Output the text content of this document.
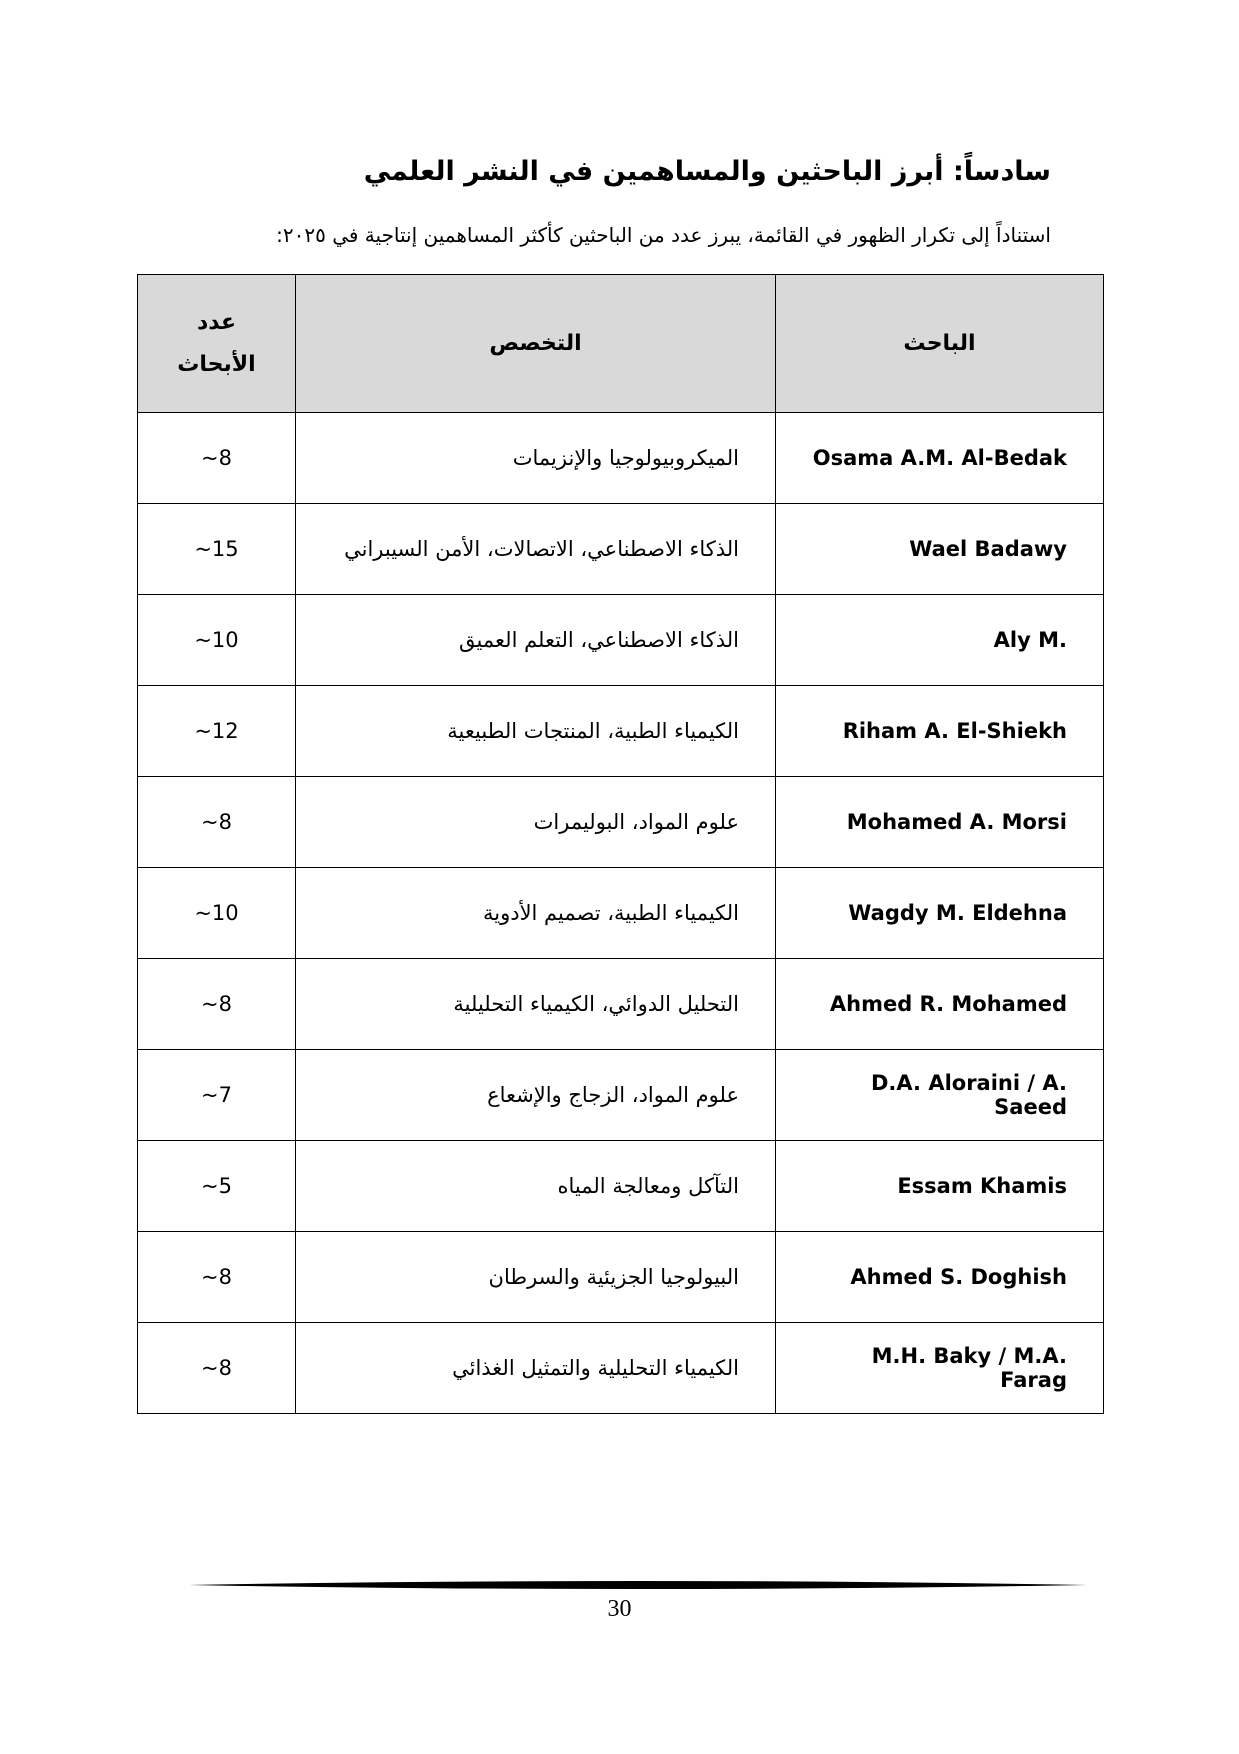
سادساً: أبرز الباحثين والمساهمين في النشر العلمي
استناداً إلى تكرار الظهور في القائمة، يبرز عدد من الباحثين كأكثر المساهمين إنتاجية في ٢٠٢٥:
الباحث	التخصص	عدد
الأبحاث
Osama A.M. Al-Bedak	الميكروبيولوجيا والإنزيمات	~8
Wael Badawy	الذكاء الاصطناعي، الاتصالات، الأمن السيبراني	~15
Aly M.	الذكاء الاصطناعي، التعلم العميق	~10
Riham A. El-Shiekh	الكيمياء الطبية، المنتجات الطبيعية	~12
Mohamed A. Morsi	علوم المواد، البوليمرات	~8
Wagdy M. Eldehna	الكيمياء الطبية، تصميم الأدوية	~10
Ahmed R. Mohamed	التحليل الدوائي، الكيمياء التحليلية	~8
D.A. Aloraini / A. Saeed	علوم المواد، الزجاج والإشعاع	~7
Essam Khamis	التآكل ومعالجة المياه	~5
Ahmed S. Doghish	البيولوجيا الجزيئية والسرطان	~8
M.H. Baky / M.A. Farag	الكيمياء التحليلية والتمثيل الغذائي	~8
30
